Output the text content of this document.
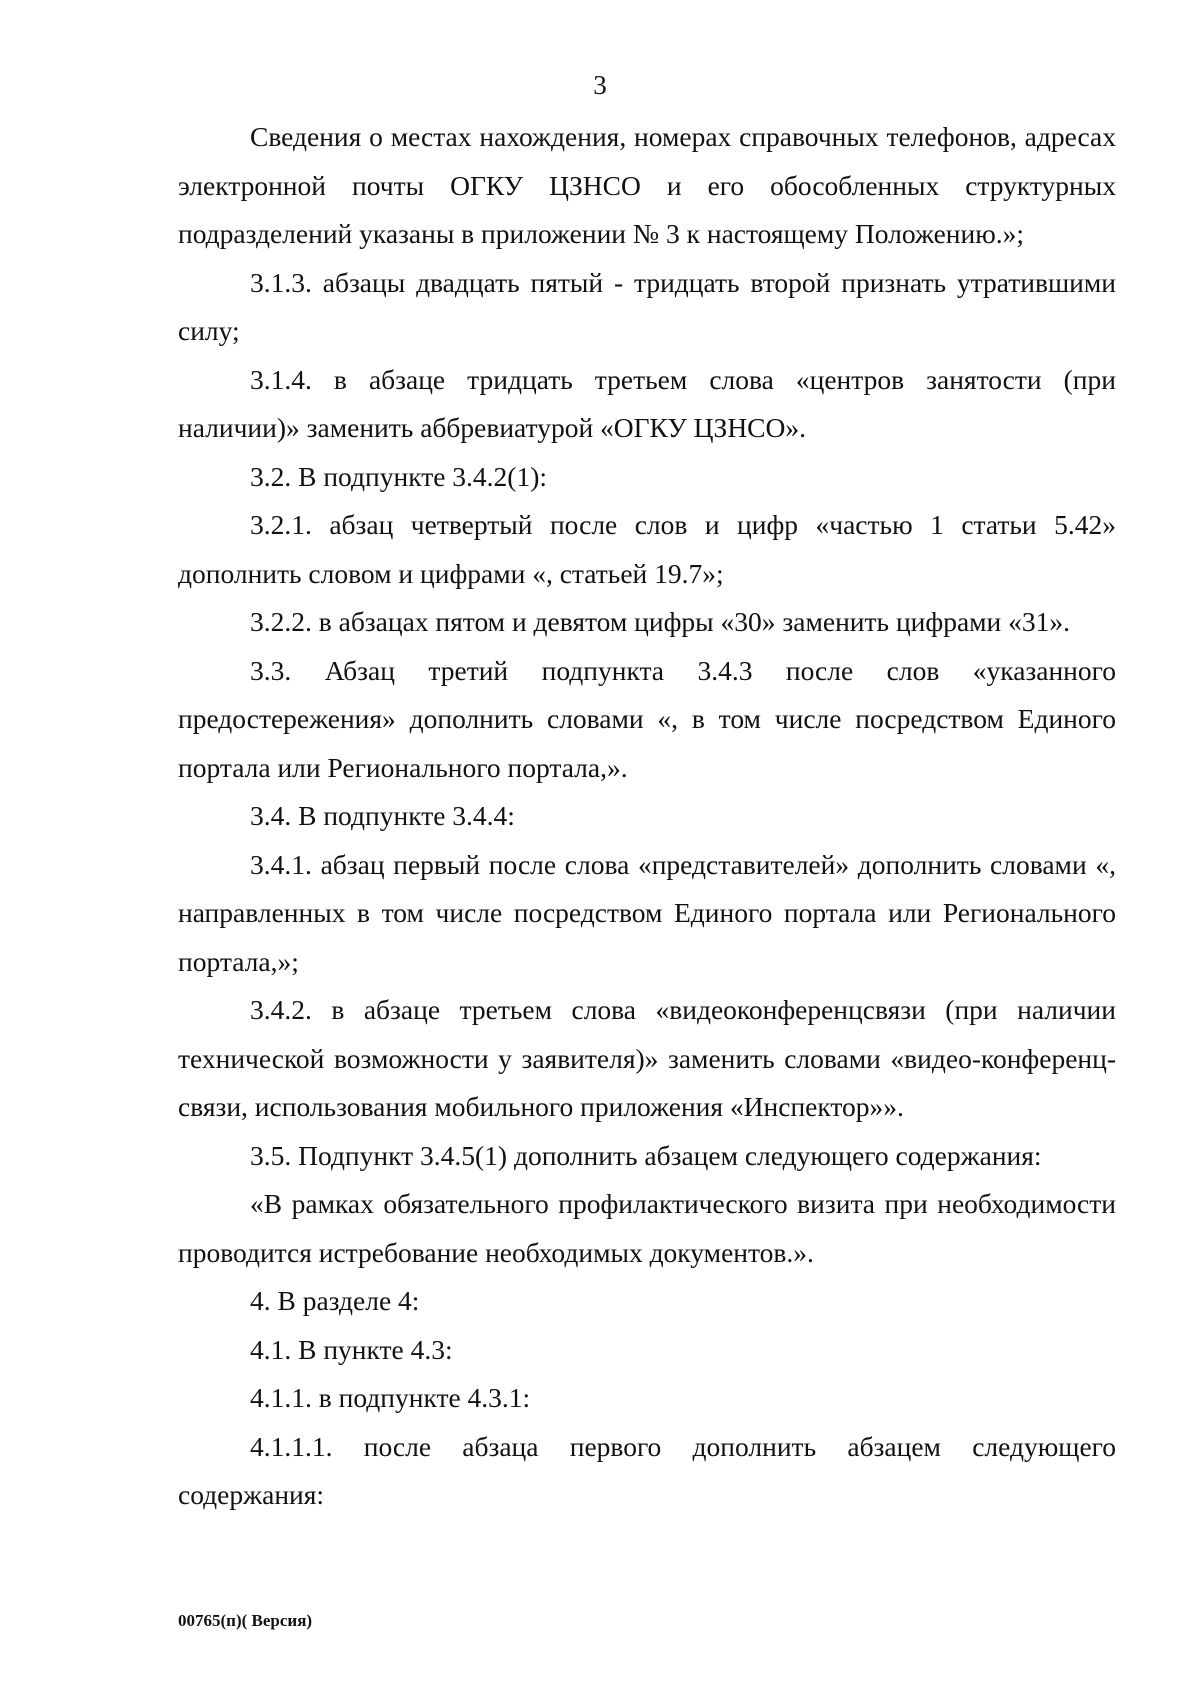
3

Сведения о местах нахождения, номерах справочных телефонов, адресах электронной почты ОГКУ ЦЗНСО и его обособленных структурных подразделений указаны в приложении № 3 к настоящему Положению.»;

3.1.3. абзацы двадцать пятый - тридцать второй признать утратившими силу;

3.1.4. в абзаце тридцать третьем слова «центров занятости (при наличии)» заменить аббревиатурой «ОГКУ ЦЗНСО».

3.2. В подпункте 3.4.2(1):

3.2.1. абзац четвертый после слов и цифр «частью 1 статьи 5.42» дополнить словом и цифрами «, статьей 19.7»;

3.2.2. в абзацах пятом и девятом цифры «30» заменить цифрами «31».

3.3. Абзац третий подпункта 3.4.3 после слов «указанного предостережения» дополнить словами «, в том числе посредством Единого портала или Регионального портала,».

3.4. В подпункте 3.4.4:

3.4.1. абзац первый после слова «представителей» дополнить словами «, направленных в том числе посредством Единого портала или Регионального портала,»;

3.4.2. в абзаце третьем слова «видеоконференцсвязи (при наличии технической возможности у заявителя)» заменить словами «видео-конференц-связи, использования мобильного приложения «Инспектор»».

3.5. Подпункт 3.4.5(1) дополнить абзацем следующего содержания:

«В рамках обязательного профилактического визита при необходимости проводится истребование необходимых документов.».

4. В разделе 4:

4.1. В пункте 4.3:

4.1.1. в подпункте 4.3.1:

4.1.1.1. после абзаца первого дополнить абзацем следующего содержания:

00765(п)( Версия)
